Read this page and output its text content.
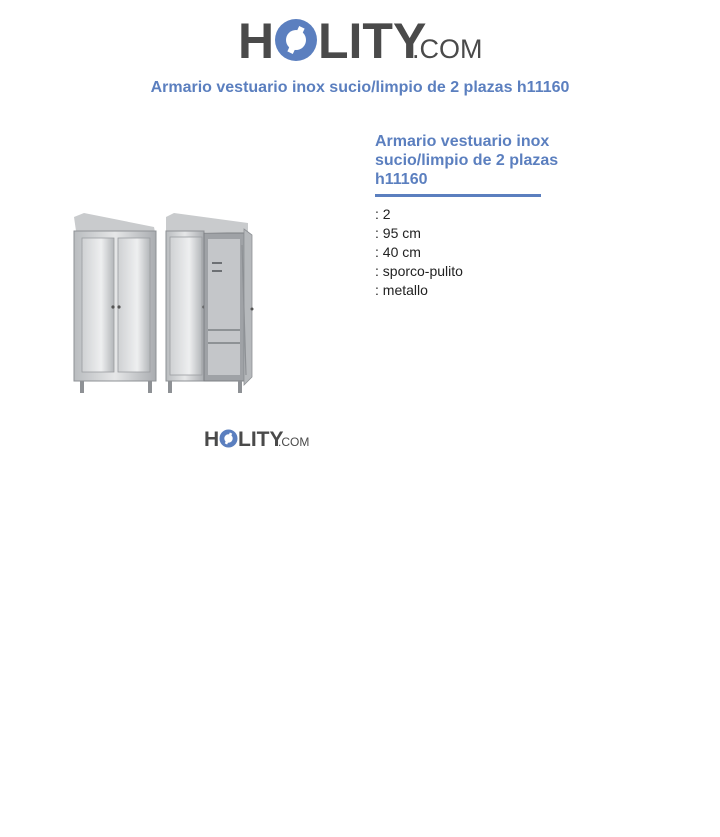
H LITY
.COM
Armario vestuario inox sucio/limpio de 2 plazas h11160
H LITY
.COM
Armario vestuario inox sucio/limpio de 2 plazas h11160
: 2
: 95 cm
: 40 cm
: sporco-pulito
: metallo
